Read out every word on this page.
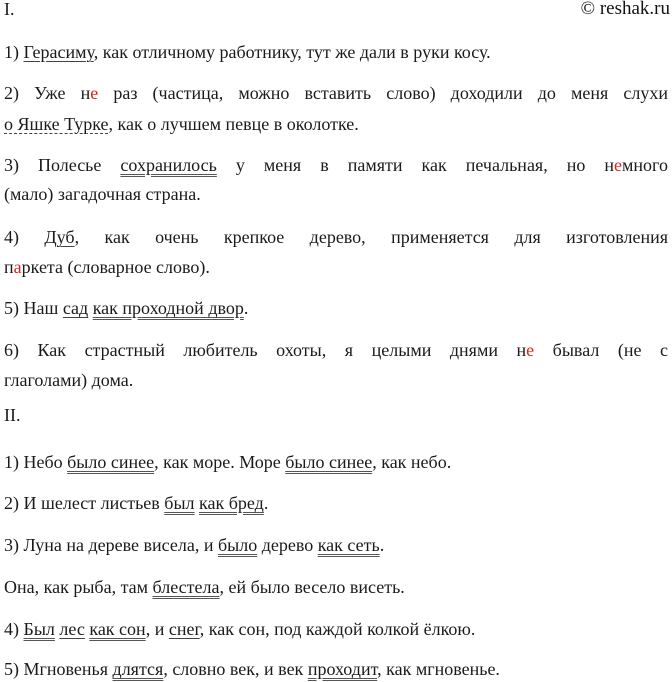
© reshak.ru
I.
1) Герасиму, как отличному работнику, тут же дали в руки косу.
2) Уже не раз (частица, можно вставить слово) доходили до меня слухи
о Яшке Турке, как о лучшем певце в околотке.
3) Полесье сохранилось у меня в памяти как печальная, но немного
(мало) загадочная страна.
4) Дуб, как очень крепкое дерево, применяется для изготовления
паркета (словарное слово).
5) Наш сад как проходной двор.
6) Как страстный любитель охоты, я целыми днями не бывал (не с
глаголами) дома.
II.
1) Небо было синее, как море. Море было синее, как небо.
2) И шелест листьев был как бред.
3) Луна на дереве висела, и было дерево как сеть.
Она, как рыба, там блестела, ей было весело висеть.
4) Был лес как сон, и снег, как сон, под каждой колкой ёлкою.
5) Мгновенья длятся, словно век, и век проходит, как мгновенье.
